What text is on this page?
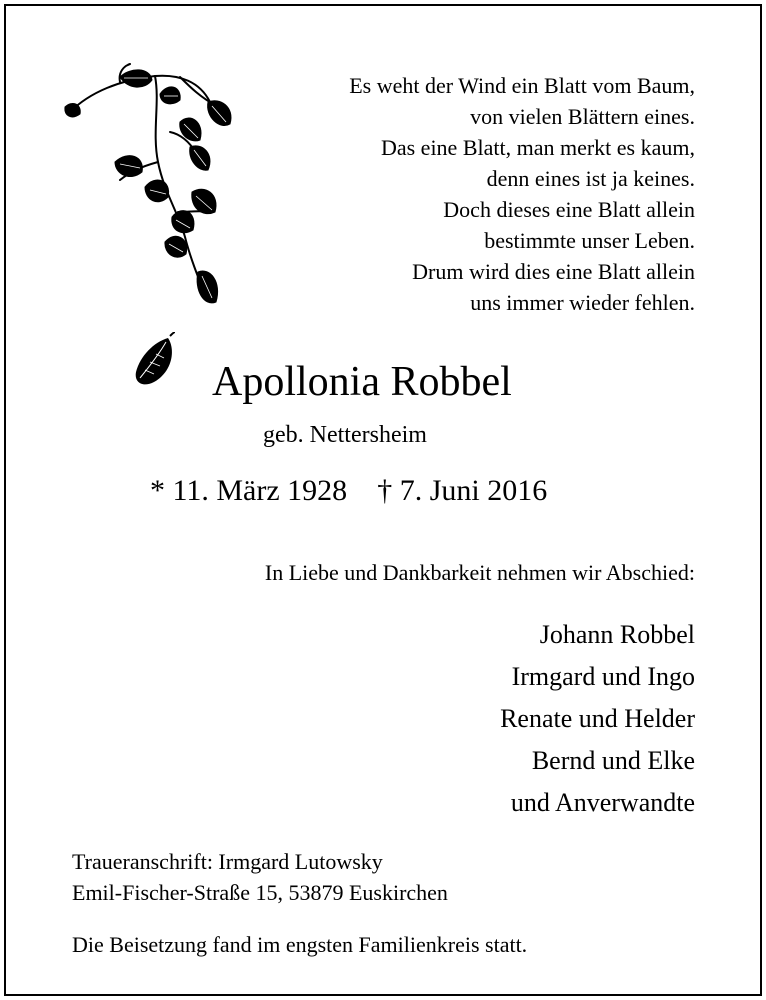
Es weht der Wind ein Blatt vom Baum,
von vielen Blättern eines.
Das eine Blatt, man merkt es kaum,
denn eines ist ja keines.
Doch dieses eine Blatt allein
bestimmte unser Leben.
Drum wird dies eine Blatt allein
uns immer wieder fehlen.
Apollonia Robbel
geb. Nettersheim
* 11. März 1928 † 7. Juni 2016
In Liebe und Dankbarkeit nehmen wir Abschied:
Johann Robbel
Irmgard und Ingo
Renate und Helder
Bernd und Elke
und Anverwandte
Traueranschrift: Irmgard Lutowsky
Emil-Fischer-Straße 15, 53879 Euskirchen
Die Beisetzung fand im engsten Familienkreis statt.
